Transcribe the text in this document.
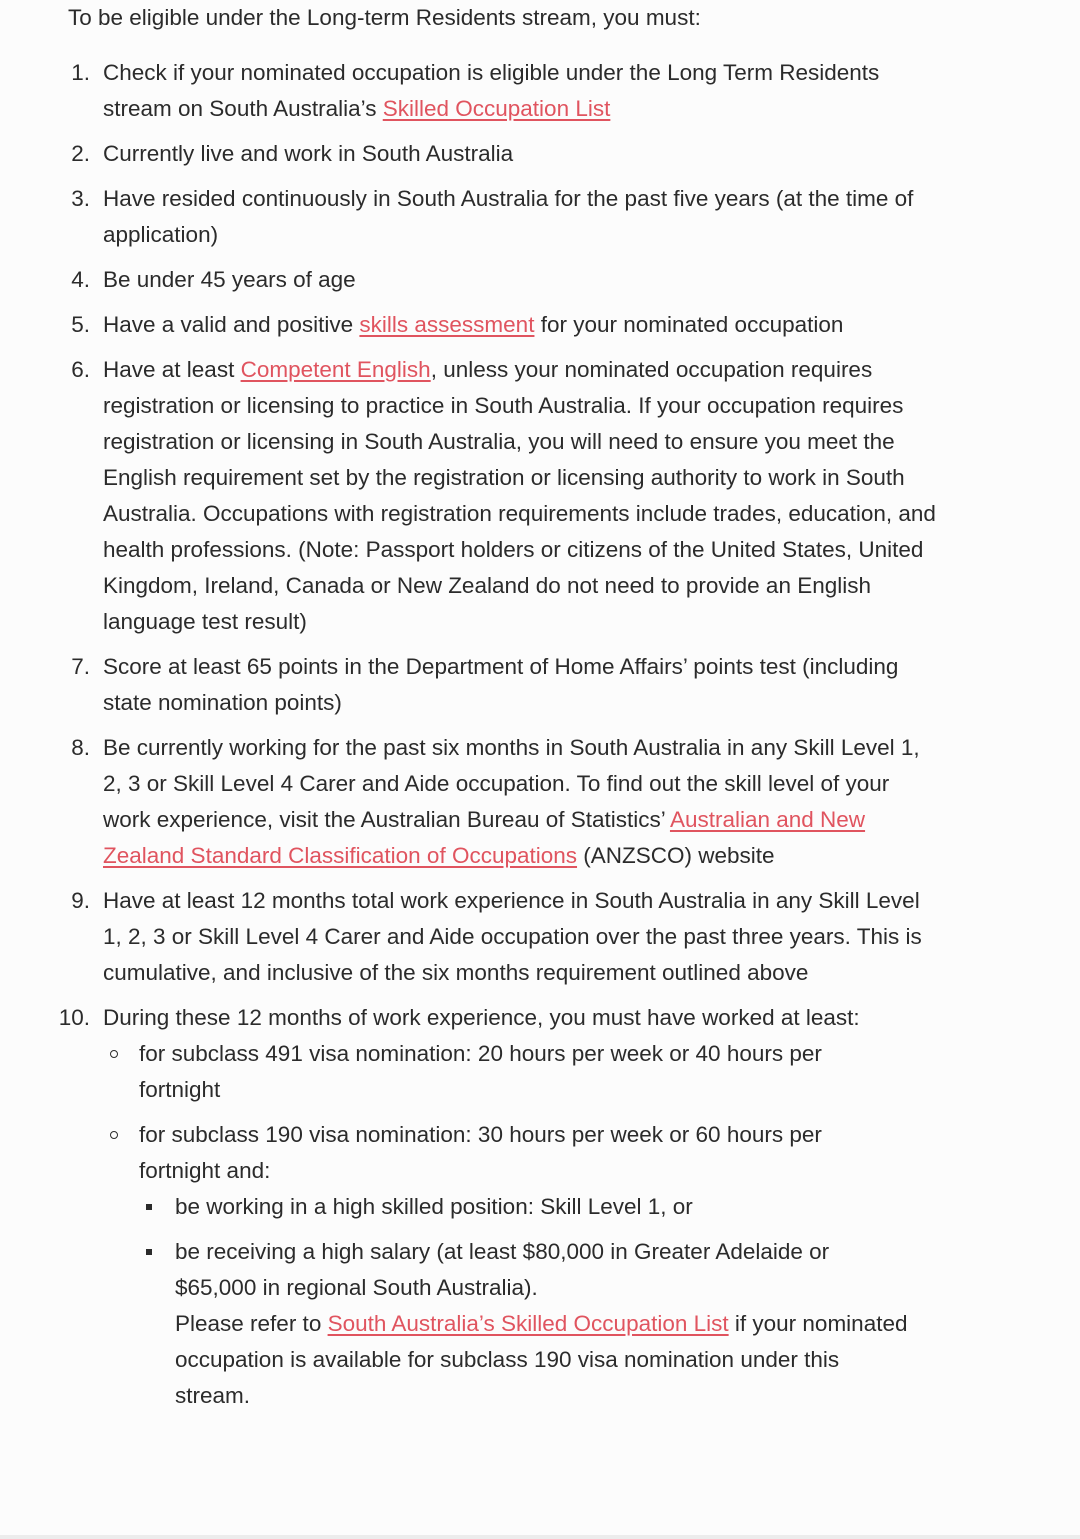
To be eligible under the Long-term Residents stream, you must:
1. Check if your nominated occupation is eligible under the Long Term Residents stream on South Australia’s Skilled Occupation List
2. Currently live and work in South Australia
3. Have resided continuously in South Australia for the past five years (at the time of application)
4. Be under 45 years of age
5. Have a valid and positive skills assessment for your nominated occupation
6. Have at least Competent English, unless your nominated occupation requires registration or licensing to practice in South Australia. If your occupation requires registration or licensing in South Australia, you will need to ensure you meet the English requirement set by the registration or licensing authority to work in South Australia. Occupations with registration requirements include trades, education, and health professions. (Note: Passport holders or citizens of the United States, United Kingdom, Ireland, Canada or New Zealand do not need to provide an English language test result)
7. Score at least 65 points in the Department of Home Affairs’ points test (including state nomination points)
8. Be currently working for the past six months in South Australia in any Skill Level 1, 2, 3 or Skill Level 4 Carer and Aide occupation. To find out the skill level of your work experience, visit the Australian Bureau of Statistics’ Australian and New Zealand Standard Classification of Occupations (ANZSCO) website
9. Have at least 12 months total work experience in South Australia in any Skill Level 1, 2, 3 or Skill Level 4 Carer and Aide occupation over the past three years. This is cumulative, and inclusive of the six months requirement outlined above
10. During these 12 months of work experience, you must have worked at least:
for subclass 491 visa nomination: 20 hours per week or 40 hours per fortnight
for subclass 190 visa nomination: 30 hours per week or 60 hours per fortnight and:
be working in a high skilled position: Skill Level 1, or
be receiving a high salary (at least $80,000 in Greater Adelaide or $65,000 in regional South Australia).
Please refer to South Australia’s Skilled Occupation List if your nominated occupation is available for subclass 190 visa nomination under this stream.
